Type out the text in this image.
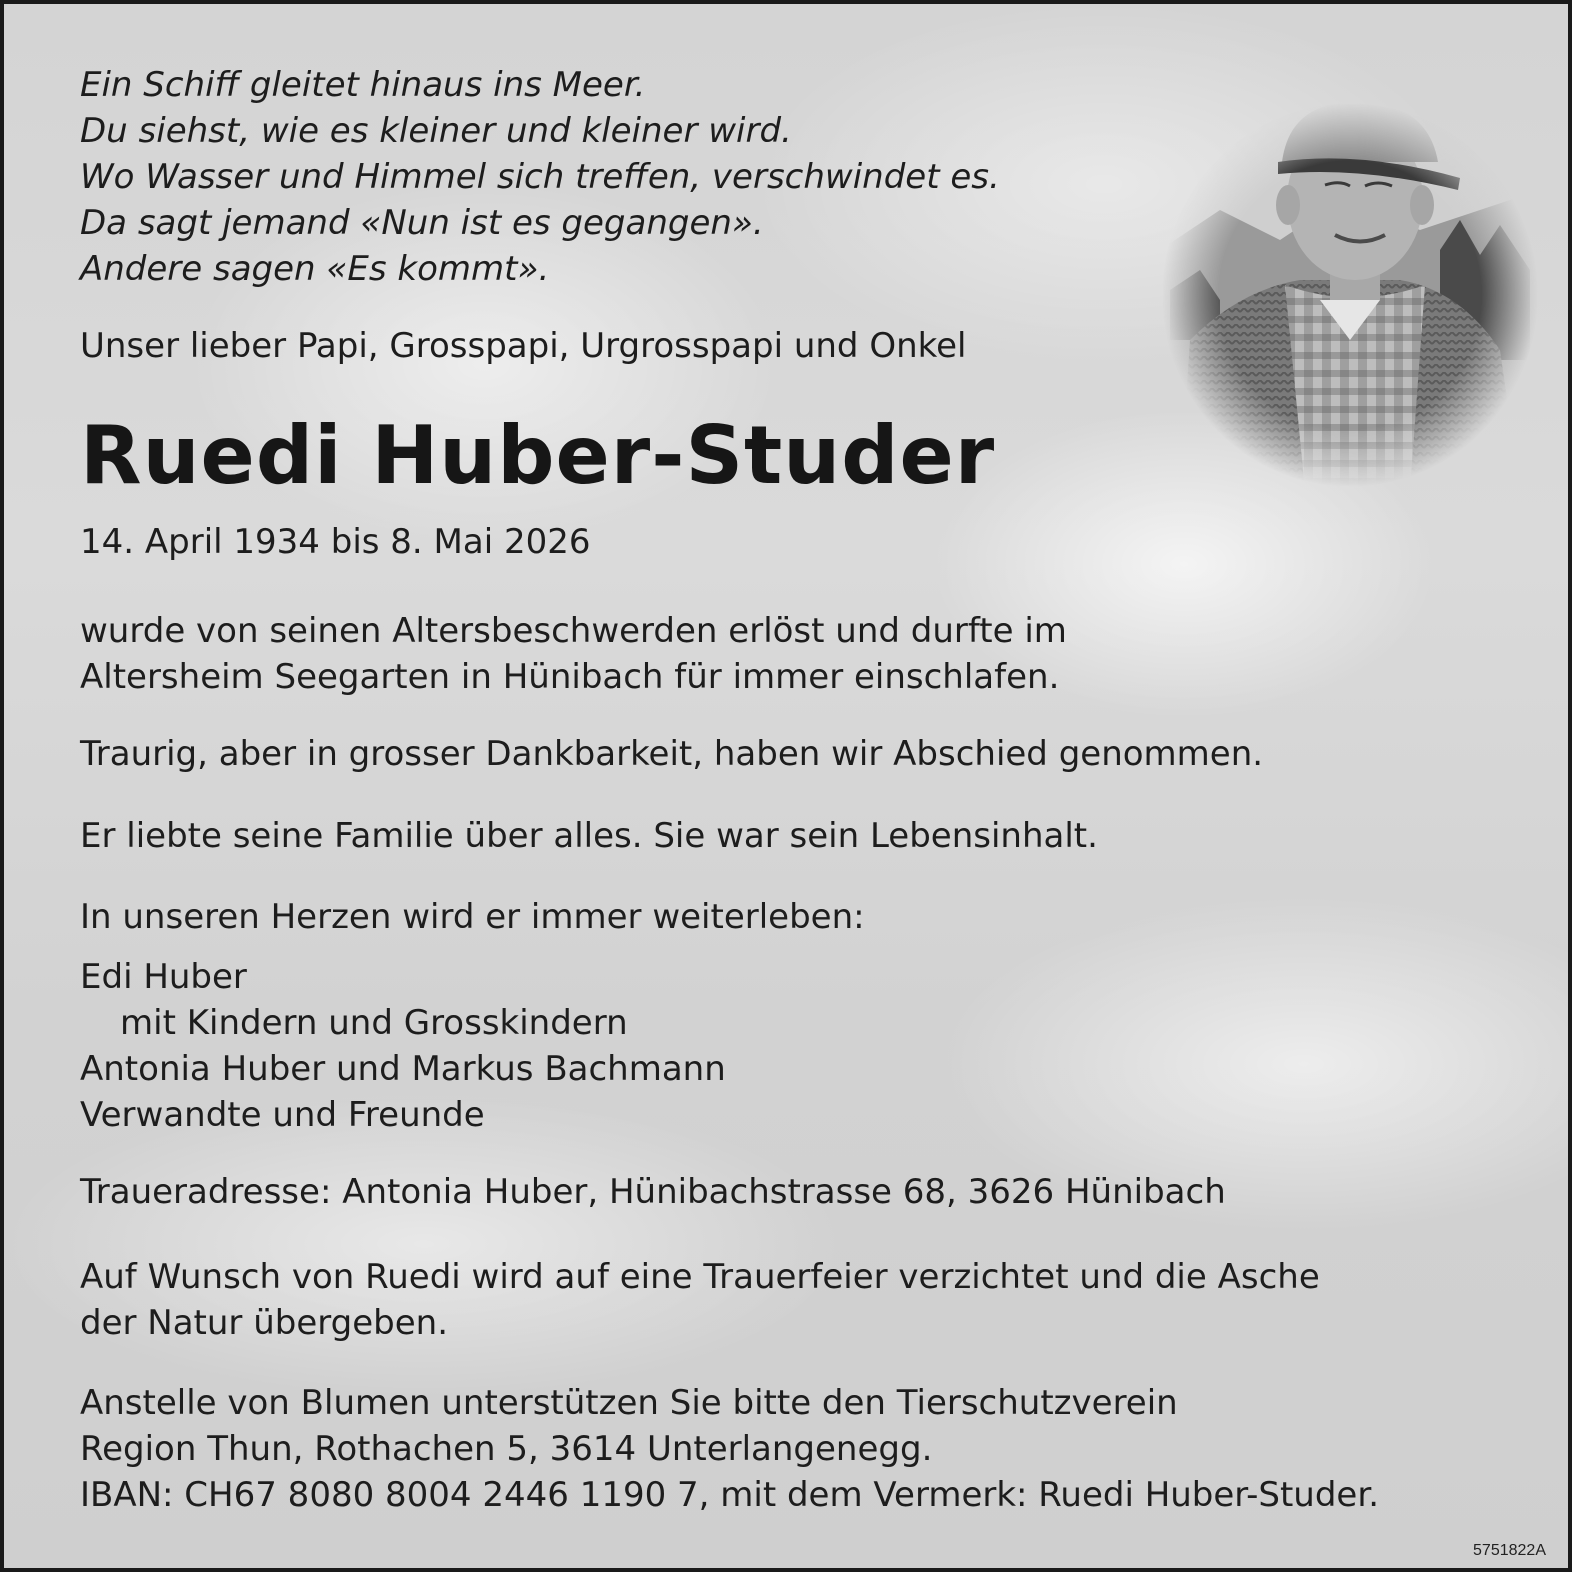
Ein Schiff gleitet hinaus ins Meer.
Du siehst, wie es kleiner und kleiner wird.
Wo Wasser und Himmel sich treffen, verschwindet es.
Da sagt jemand «Nun ist es gegangen».
Andere sagen «Es kommt».
Unser lieber Papi, Grosspapi, Urgrosspapi und Onkel
Ruedi Huber-Studer
14. April 1934 bis 8. Mai 2026
wurde von seinen Altersbeschwerden erlöst und durfte im
Altersheim Seegarten in Hünibach für immer einschlafen.
Traurig, aber in grosser Dankbarkeit, haben wir Abschied genommen.
Er liebte seine Familie über alles. Sie war sein Lebensinhalt.
In unseren Herzen wird er immer weiterleben:
Edi Huber
mit Kindern und Grosskindern
Antonia Huber und Markus Bachmann
Verwandte und Freunde
Traueradresse: Antonia Huber, Hünibachstrasse 68, 3626 Hünibach
Auf Wunsch von Ruedi wird auf eine Trauerfeier verzichtet und die Asche
der Natur übergeben.
Anstelle von Blumen unterstützen Sie bitte den Tierschutzverein
Region Thun, Rothachen 5, 3614 Unterlangenegg.
IBAN: CH67 8080 8004 2446 1190 7, mit dem Vermerk: Ruedi Huber-Studer.
5751822A
